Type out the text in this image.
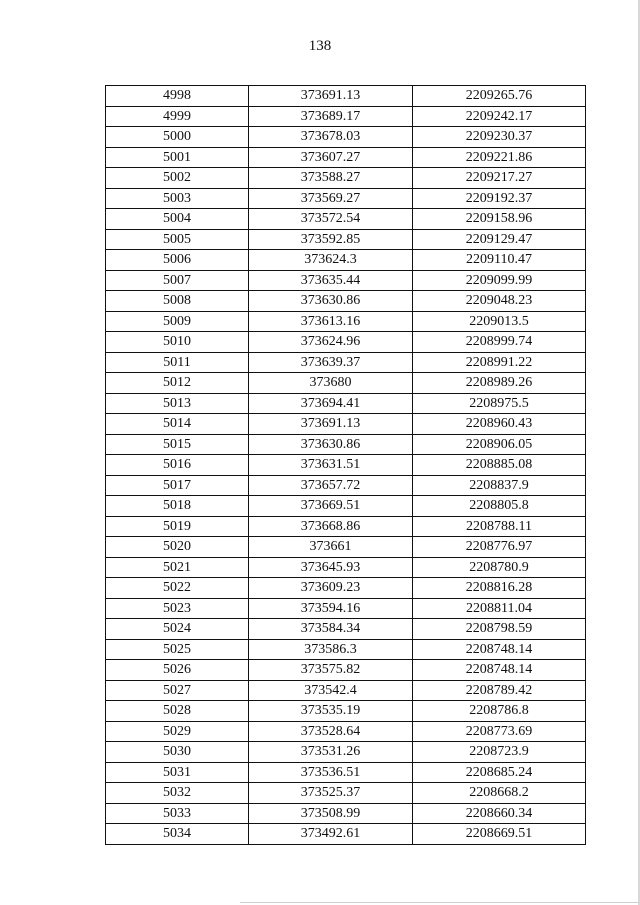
138
4998	373691.13	2209265.76
4999	373689.17	2209242.17
5000	373678.03	2209230.37
5001	373607.27	2209221.86
5002	373588.27	2209217.27
5003	373569.27	2209192.37
5004	373572.54	2209158.96
5005	373592.85	2209129.47
5006	373624.3	2209110.47
5007	373635.44	2209099.99
5008	373630.86	2209048.23
5009	373613.16	2209013.5
5010	373624.96	2208999.74
5011	373639.37	2208991.22
5012	373680	2208989.26
5013	373694.41	2208975.5
5014	373691.13	2208960.43
5015	373630.86	2208906.05
5016	373631.51	2208885.08
5017	373657.72	2208837.9
5018	373669.51	2208805.8
5019	373668.86	2208788.11
5020	373661	2208776.97
5021	373645.93	2208780.9
5022	373609.23	2208816.28
5023	373594.16	2208811.04
5024	373584.34	2208798.59
5025	373586.3	2208748.14
5026	373575.82	2208748.14
5027	373542.4	2208789.42
5028	373535.19	2208786.8
5029	373528.64	2208773.69
5030	373531.26	2208723.9
5031	373536.51	2208685.24
5032	373525.37	2208668.2
5033	373508.99	2208660.34
5034	373492.61	2208669.51
